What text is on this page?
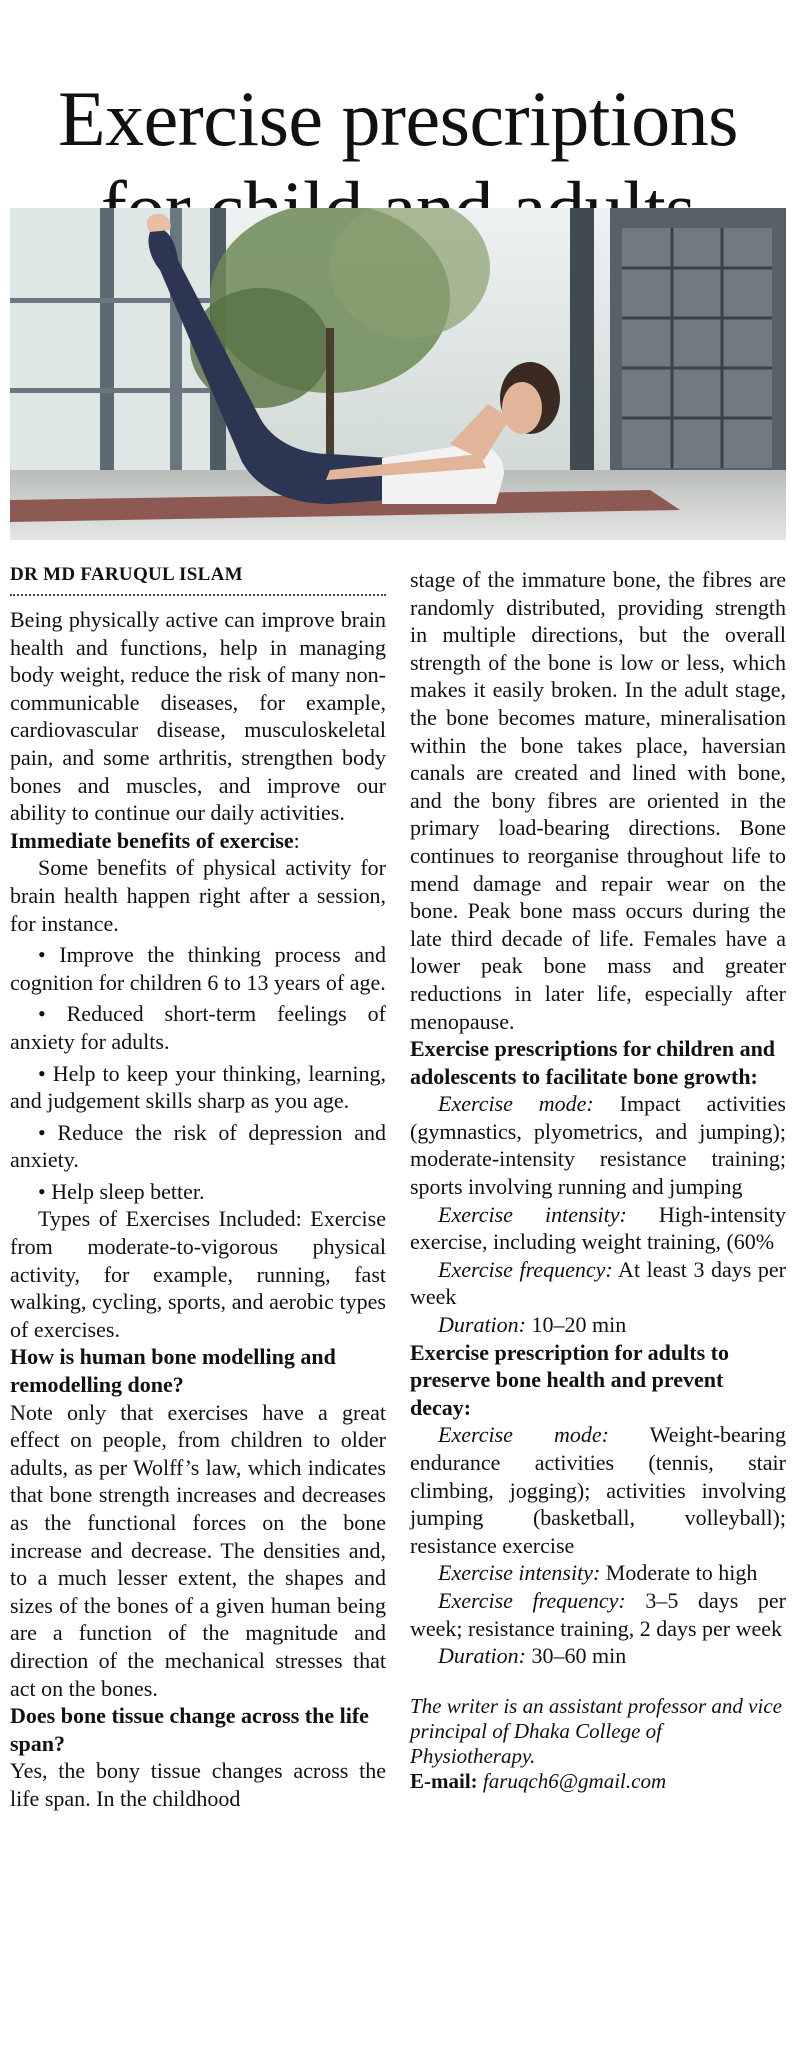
Exercise prescriptions

DR MD FARUQUL ISLAM

Being physically active can improve brain health and functions, help in managing body weight, reduce the risk of many non-communicable diseases, for example, cardiovascular disease, musculoskeletal pain, and some arthritis, strengthen body bones and muscles, and improve our ability to continue our daily activities.

Immediate benefits of exercise:

Some benefits of physical activity for brain health happen right after a session, for instance.

• Improve the thinking process and cognition for children 6 to 13 years of age.

• Reduced short-term feelings of anxiety for adults.

• Help to keep your thinking, learning, and judgement skills sharp as you age.

• Reduce the risk of depression and anxiety.

• Help sleep better.

Types of Exercises Included: Exercise from moderate-to-vigorous physical activity, for example, running, fast walking, cycling, sports, and aerobic types of exercises.

How is human bone modelling and remodelling done?

Note only that exercises have a great effect on people, from children to older adults, as per Wolff’s law, which indicates that bone strength increases and decreases as the functional forces on the bone increase and decrease. The densities and, to a much lesser extent, the shapes and sizes of the bones of a given human being are a function of the magnitude and direction of the mechanical stresses that act on the bones.

Does bone tissue change across the life span?

Yes, the bony tissue changes across the life span. In the childhood

stage of the immature bone, the fibres are randomly distributed, providing strength in multiple directions, but the overall strength of the bone is low or less, which makes it easily broken. In the adult stage, the bone becomes mature, mineralisation within the bone takes place, haversian canals are created and lined with bone, and the bony fibres are oriented in the primary load-bearing directions. Bone continues to reorganise throughout life to mend damage and repair wear on the bone. Peak bone mass occurs during the late third decade of life. Females have a lower peak bone mass and greater reductions in later life, especially after menopause.

Exercise prescriptions for children and adolescents to facilitate bone growth:

Exercise mode: Impact activities (gymnastics, plyometrics, and jumping); moderate-intensity resistance training; sports involving running and jumping

Exercise intensity: High-intensity exercise, including weight training, (60%

Exercise frequency: At least 3 days per week

Duration: 10–20 min

Exercise prescription for adults to preserve bone health and prevent decay:

Exercise mode: Weight-bearing endurance activities (tennis, stair climbing, jogging); activities involving jumping (basketball, volleyball); resistance exercise

Exercise intensity: Moderate to high

Exercise frequency: 3–5 days per week; resistance training, 2 days per week

Duration: 30–60 min

The writer is an assistant professor and vice principal of Dhaka College of Physiotherapy.

E-mail: faruqch6@gmail.com
